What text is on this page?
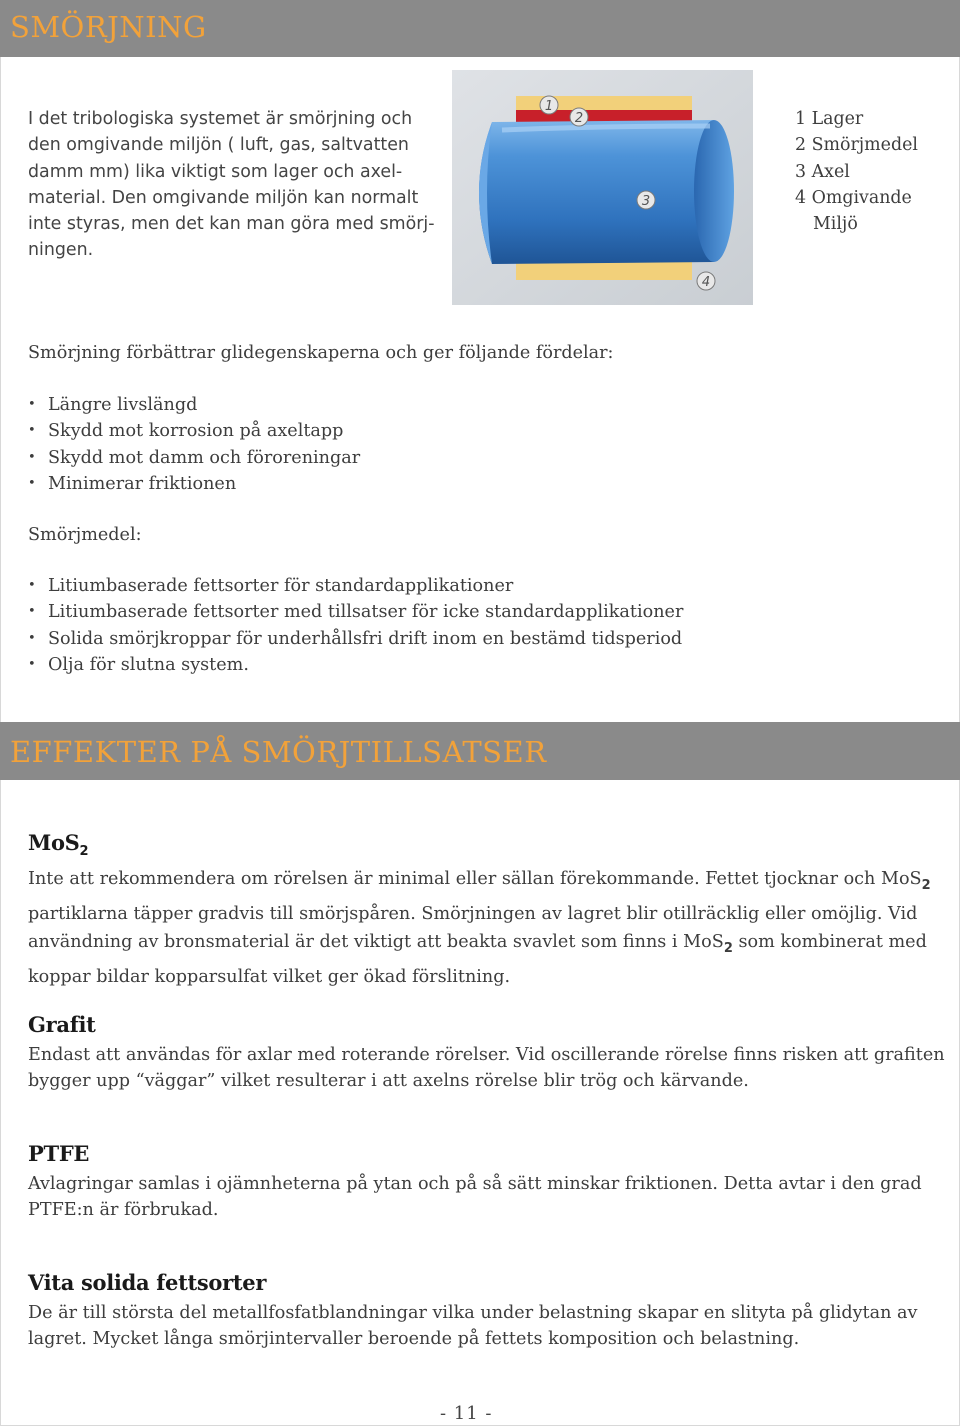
SMÖRJNING
I det tribologiska systemet är smörjning och
den omgivande miljön ( luft, gas, saltvatten
damm mm) lika viktigt som lager och axel-
material. Den omgivande miljön kan normalt
inte styras, men det kan man göra med smörj-
ningen.
1
2
3
4
1 Lager
2 Smörjmedel
3 Axel
4 Omgivande
Miljö
Smörjning förbättrar glidegenskaperna och ger följande fördelar:
• Längre livslängd
• Skydd mot korrosion på axeltapp
• Skydd mot damm och föroreningar
• Minimerar friktionen
Smörjmedel:
• Litiumbaserade fettsorter för standardapplikationer
• Litiumbaserade fettsorter med tillsatser för icke standardapplikationer
• Solida smörjkroppar för underhållsfri drift inom en bestämd tidsperiod
• Olja för slutna system.
EFFEKTER PÅ SMÖRJTILLSATSER
MoS$_2$
Inte att rekommendera om rörelsen är minimal eller sällan förekommande. Fettet tjocknar och MoS$_2$
partiklarna täpper gradvis till smörjspåren. Smörjningen av lagret blir otillräcklig eller omöjlig. Vid
användning av bronsmaterial är det viktigt att beakta svavlet som finns i MoS$_2$ som kombinerat med
koppar bildar kopparsulfat vilket ger ökad förslitning.
Grafit
Endast att användas för axlar med roterande rörelser. Vid oscillerande rörelse finns risken att grafiten
bygger upp “väggar” vilket resulterar i att axelns rörelse blir trög och kärvande.
PTFE
Avlagringar samlas i ojämnheterna på ytan och på så sätt minskar friktionen. Detta avtar i den grad
PTFE:n är förbrukad.
Vita solida fettsorter
De är till största del metallfosfatblandningar vilka under belastning skapar en slityta på glidytan av
lagret. Mycket långa smörjintervaller beroende på fettets komposition och belastning.
- 11 -
